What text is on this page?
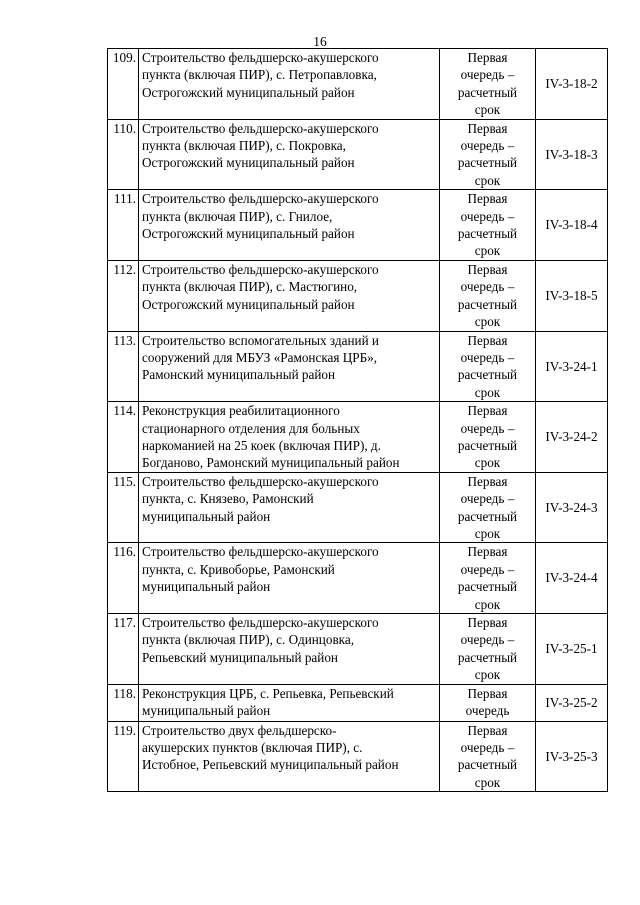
16
109.	Строительство фельдшерско-акушерского
пункта (включая ПИР), с. Петропавловка,
Острогожский муниципальный район	Первая
очередь –
расчетный
срок	IV-3-18-2
110.	Строительство фельдшерско-акушерского
пункта (включая ПИР), с. Покровка,
Острогожский муниципальный район	Первая
очередь –
расчетный
срок	IV-3-18-3
111.	Строительство фельдшерско-акушерского
пункта (включая ПИР), с. Гнилое,
Острогожский муниципальный район	Первая
очередь –
расчетный
срок	IV-3-18-4
112.	Строительство фельдшерско-акушерского
пункта (включая ПИР), с. Мастюгино,
Острогожский муниципальный район	Первая
очередь –
расчетный
срок	IV-3-18-5
113.	Строительство вспомогательных зданий и
сооружений для МБУЗ «Рамонская ЦРБ»,
Рамонский муниципальный район	Первая
очередь –
расчетный
срок	IV-3-24-1
114.	Реконструкция реабилитационного
стационарного отделения для больных
наркоманией на 25 коек (включая ПИР), д.
Богданово, Рамонский муниципальный район	Первая
очередь –
расчетный
срок	IV-3-24-2
115.	Строительство фельдшерско-акушерского
пункта, с. Князево, Рамонский
муниципальный район	Первая
очередь –
расчетный
срок	IV-3-24-3
116.	Строительство фельдшерско-акушерского
пункта, с. Кривоборье, Рамонский
муниципальный район	Первая
очередь –
расчетный
срок	IV-3-24-4
117.	Строительство фельдшерско-акушерского
пункта (включая ПИР), с. Одинцовка,
Репьевский муниципальный район	Первая
очередь –
расчетный
срок	IV-3-25-1
118.	Реконструкция ЦРБ, с. Репьевка, Репьевский
муниципальный район	Первая
очередь	IV-3-25-2
119.	Строительство двух фельдшерско-
акушерских пунктов (включая ПИР), с.
Истобное, Репьевский муниципальный район	Первая
очередь –
расчетный
срок	IV-3-25-3
